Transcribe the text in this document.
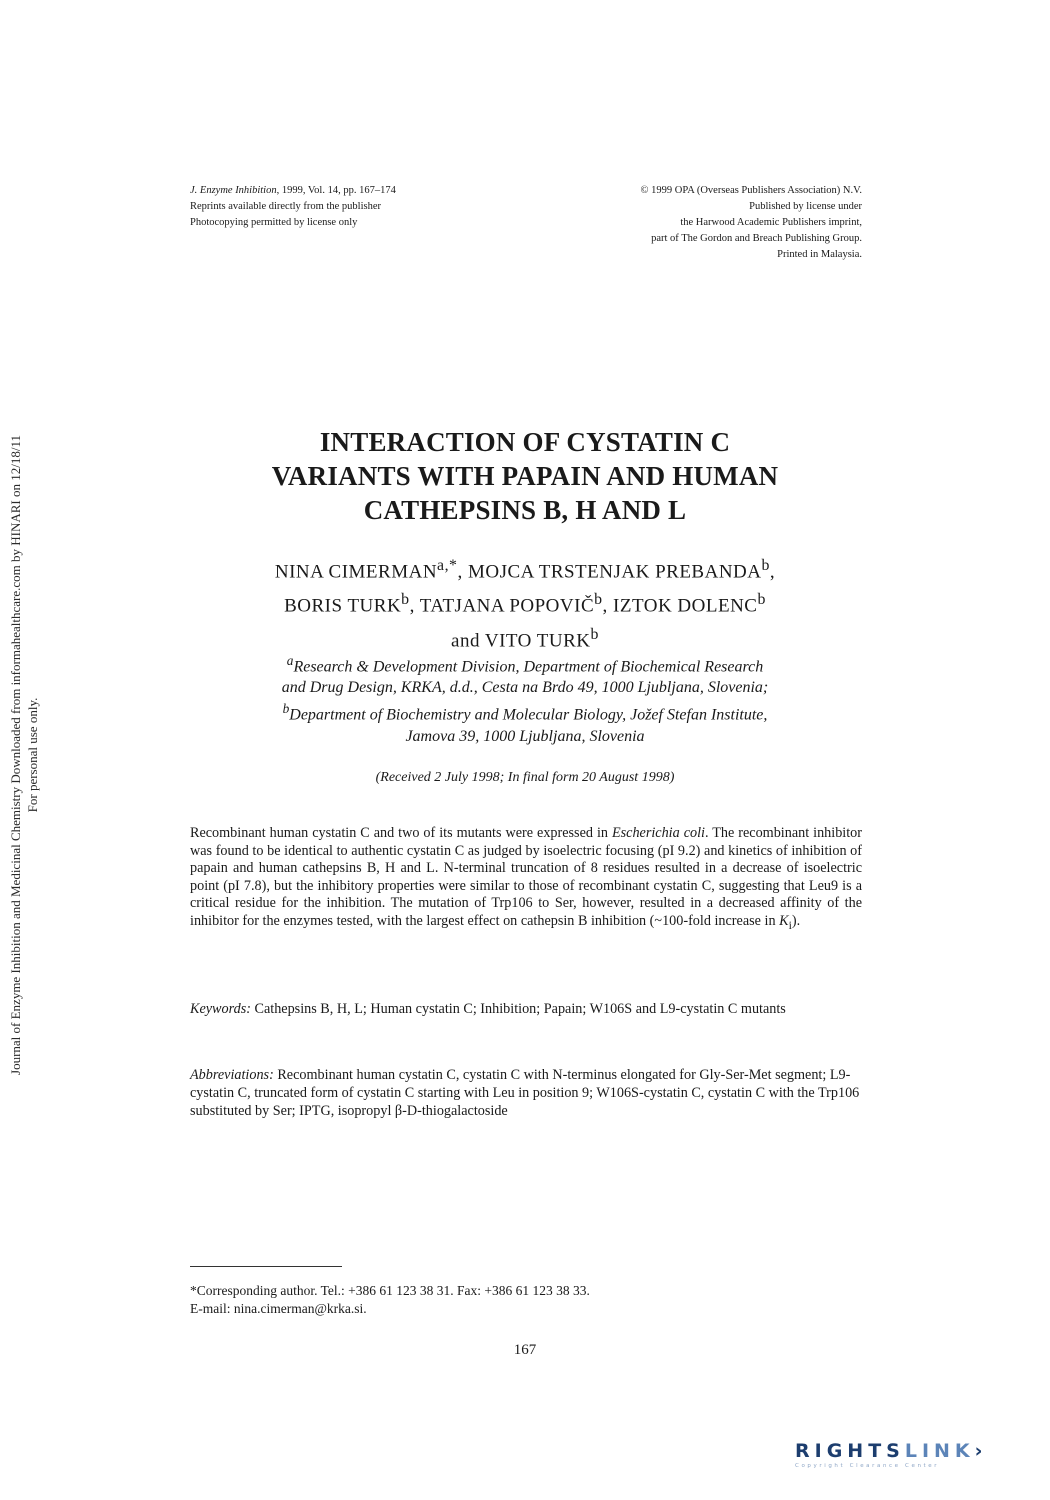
J. Enzyme Inhibition, 1999, Vol. 14, pp. 167–174
Reprints available directly from the publisher
Photocopying permitted by license only
© 1999 OPA (Overseas Publishers Association) N.V.
Published by license under
the Harwood Academic Publishers imprint,
part of The Gordon and Breach Publishing Group.
Printed in Malaysia.
Journal of Enzyme Inhibition and Medicinal Chemistry Downloaded from informahealthcare.com by HINARI on 12/18/11 For personal use only.
INTERACTION OF CYSTATIN C
VARIANTS WITH PAPAIN AND HUMAN
CATHEPSINS B, H AND L
NINA $CIMERMAN^{a,*}$, MOJCA TRSTENJAK PREBANDA$^b$,
BORIS TURK$^b$, TATJANA POPOVIČ$^b$, IZTOK DOLENC$^b$
and VITO TURK$^b$
$^a$Research & Development Division, Department of Biochemical Research
and Drug Design, KRKA, d.d., Cesta na Brdo 49, 1000 Ljubljana, Slovenia;
$^b$Department of Biochemistry and Molecular Biology, Jožef Stefan Institute,
Jamova 39, 1000 Ljubljana, Slovenia
(Received 2 July 1998; In final form 20 August 1998)
Recombinant human cystatin C and two of its mutants were expressed in Escherichia coli. The recombinant inhibitor was found to be identical to authentic cystatin C as judged by isoelectric focusing (pI 9.2) and kinetics of inhibition of papain and human cathepsins B, H and L. N-terminal truncation of 8 residues resulted in a decrease of isoelectric point (pI 7.8), but the inhibitory properties were similar to those of recombinant cystatin C, suggesting that Leu9 is a critical residue for the inhibition. The mutation of Trp106 to Ser, however, resulted in a decreased affinity of the inhibitor for the enzymes tested, with the largest effect on cathepsin B inhibition (~100-fold increase in $K_i$).
Keywords: Cathepsins B, H, L; Human cystatin C; Inhibition; Papain; W106S and L9-cystatin C mutants
Abbreviations: Recombinant human cystatin C, cystatin C with N-terminus elongated for Gly-Ser-Met segment; L9-cystatin C, truncated form of cystatin C starting with Leu in position 9; W106S-cystatin C, cystatin C with the Trp106 substituted by Ser; IPTG, isopropyl β-D-thiogalactoside
*Corresponding author. Tel.: +386 61 123 38 31. Fax: +386 61 123 38 33.
E-mail: nina.cimerman@krka.si.
167
RIGHTSLINK›
Copyright Clearance Center
